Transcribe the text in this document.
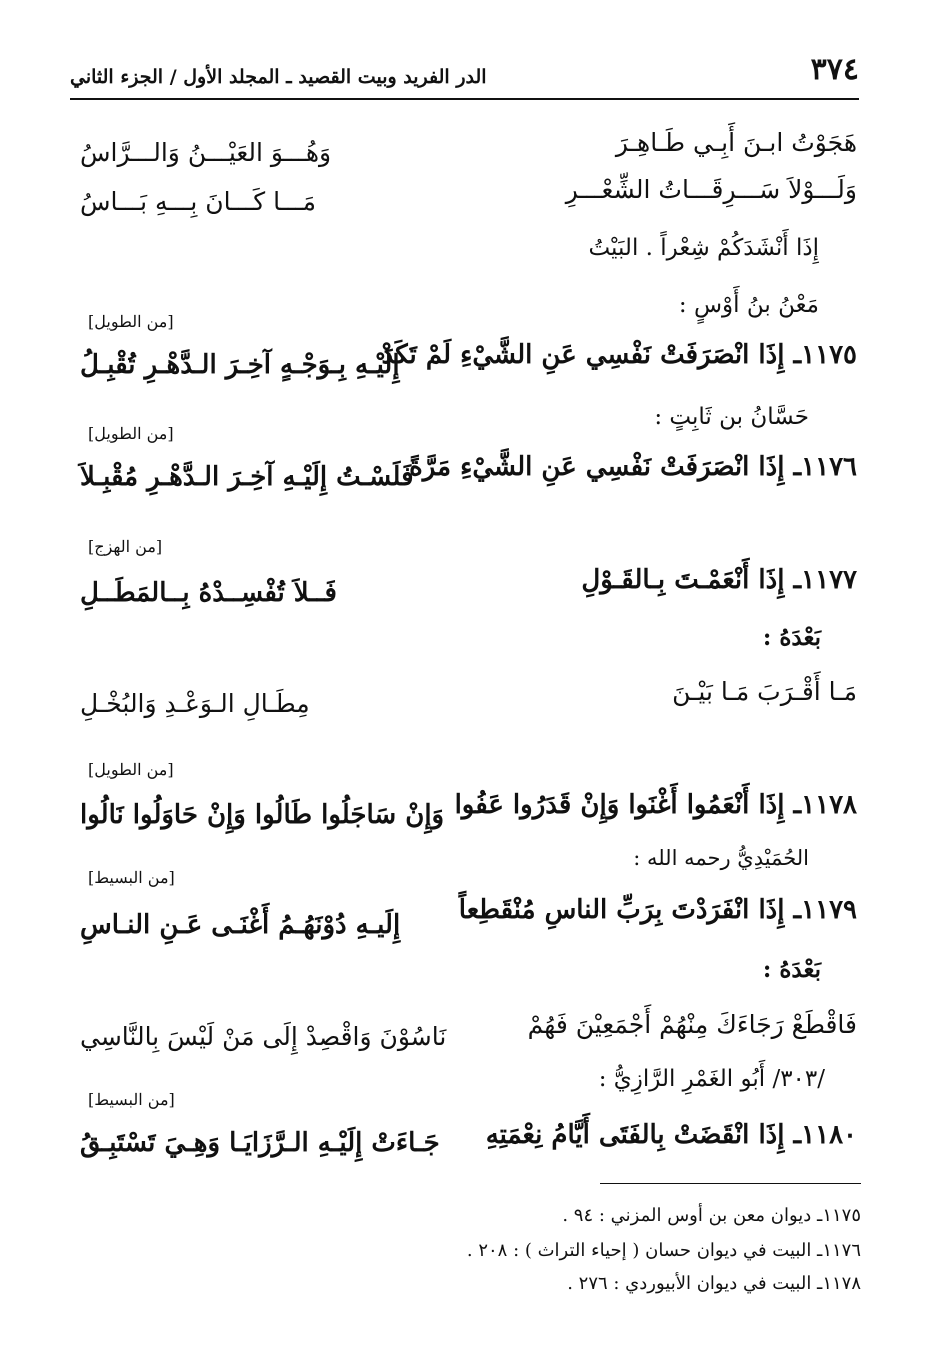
٣٧٤
الدر الفريد وبيت القصيد ـ المجلد الأول / الجزء الثاني
هَجَوْتُ ابـنَ أَبِـي طَـاهِـرَ
وَهُـــوَ العَيْـــنُ وَالـــرَّاسُ
وَلَـــوْلاَ سَـــرِقَـــاتُ الشِّعْـــرِ
مَـــا كَـــانَ بِـــهِ بَـــاسُ
إِذَا أَنْشَدَكُمْ شِعْراً . البَيْتُ
مَعْنُ بنُ أَوْسٍ :
[من الطويل]
١١٧٥ـ إِذَا انْصَرَفَتْ نَفْسِي عَنِ الشَّيْءِ لَمْ تَكَدْ
إِلَيْـهِ بِـوَجْـهٍ آخِـرَ الـدَّهْـرِ تُقْبِـلُ
حَسَّانُ بن ثَابِتٍ :
[من الطويل]
١١٧٦ـ إِذَا انْصَرَفَتْ نَفْسِي عَنِ الشَّيْءِ مَرَّةً
فَلَسْـتُ إِلَيْـهِ آخِـرَ الـدَّهْـرِ مُقْبِـلاَ
[من الهزج]
١١٧٧ـ إِذَا أَنْعَمْـتَ بِـالقَـوْلِ
فَــلاَ تُفْسِــدْهُ بِــالمَطَــلِ
بَعْدَهُ :
مَـا أَقْـرَبَ مَـا بَيْـنَ
مِطَـالِ الـوَعْـدِ وَالبُخْـلِ
[من الطويل]
١١٧٨ـ إِذَا أَنْعَمُوا أَغْنَوا وَإِنْ قَدَرُوا عَفُوا
وَإِنْ سَاجَلُوا طَالُوا وَإِنْ حَاوَلُوا نَالُوا
الحُمَيْدِيُّ رحمه الله :
[من البسيط]
١١٧٩ـ إِذَا انْفَرَدْتَ بِرَبِّ الناسِ مُنْقَطِعاً
إِلَيـهِ دُوْنَهُـمُ أَغْنَـى عَـنِ النـاسِ
بَعْدَهُ :
فَاقْطَعْ رَجَاءَكَ مِنْهُمْ أَجْمَعِيْنَ فَهُمْ
نَاسُوْنَ وَاقْصِدْ إِلَى مَنْ لَيْسَ بِالنَّاسِي
/٣٠٣/ أَبُو الغَمْرِ الرَّازِيُّ :
[من البسيط]
١١٨٠ـ إِذَا انْقَضَتْ بِالفَتَى أَيَّامُ نِعْمَتِهِ
جَـاءَتْ إِلَيْـهِ الـرَّزَايَـا وَهِـيَ تَسْتَبِـقُ
١١٧٥ـ ديوان معن بن أوس المزني : ٩٤ .
١١٧٦ـ البيت في ديوان حسان ( إحياء التراث ) : ٢٠٨ .
١١٧٨ـ البيت في ديوان الأبيوردي : ٢٧٦ .
